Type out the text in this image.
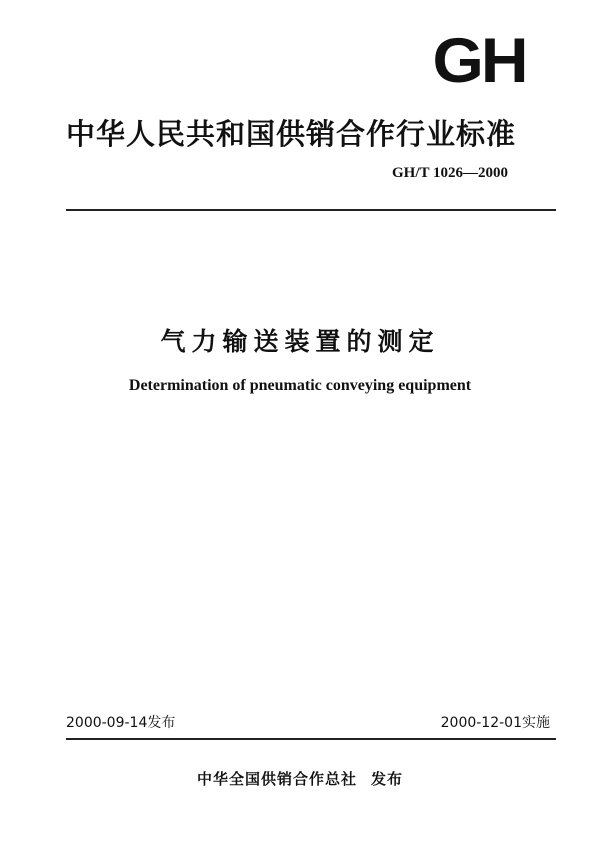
GH
中华人民共和国供销合作行业标准
GH/T 1026—2000
气力输送装置的测定
Determination of pneumatic conveying equipment
2000-09-14发布	2000-12-01实施
中华全国供销合作总社 发布
